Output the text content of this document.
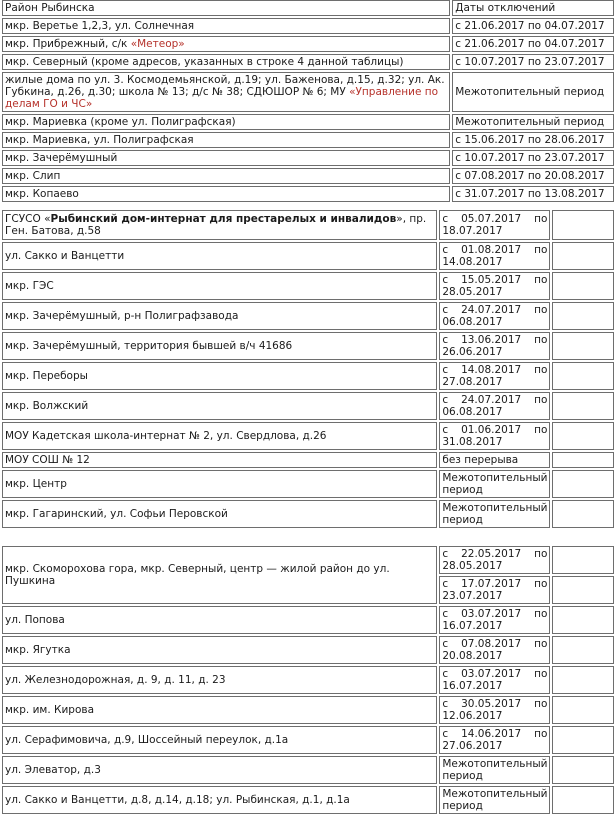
Район Рыбинска	Даты отключений
мкр. Веретье 1,2,3, ул. Солнечная	с 21.06.2017 по 04.07.2017
мкр. Прибрежный, с/к «Метеор»	с 21.06.2017 по 04.07.2017
мкр. Северный (кроме адресов, указанных в строке 4 данной таблицы)	с 10.07.2017 по 23.07.2017
жилые дома по ул. 3. Космодемьянской, д.19; ул. Баженова, д.15, д.32; ул. Ак. Губкина, д.26, д.30; школа № 13; д/с № 38; СДЮШОР № 6; МУ «Управление по делам ГО и ЧС»	Межотопительный период
мкр. Мариевка (кроме ул. Полиграфская)	Межотопительный период
мкр. Мариевка, ул. Полиграфская	с 15.06.2017 по 28.06.2017
мкр. Зачерёмушный	с 10.07.2017 по 23.07.2017
мкр. Слип	с 07.08.2017 по 20.08.2017
мкр. Копаево	с 31.07.2017 по 13.08.2017
ГСУСО «Рыбинский дом-интернат для престарелых и инвалидов», пр. Ген. Батова, д.58	с 05.07.2017 по 18.07.2017	
ул. Сакко и Ванцетти	с 01.08.2017 по 14.08.2017	
мкр. ГЭС	с 15.05.2017 по 28.05.2017	
мкр. Зачерёмушный, р-н Полиграфзавода	с 24.07.2017 по 06.08.2017	
мкр. Зачерёмушный, территория бывшей в/ч 41686	с 13.06.2017 по 26.06.2017	
мкр. Переборы	с 14.08.2017 по 27.08.2017	
мкр. Волжский	с 24.07.2017 по 06.08.2017	
МОУ Кадетская школа-интернат № 2, ул. Свердлова, д.26	с 01.06.2017 по 31.08.2017	
МОУ СОШ № 12	без перерыва	
мкр. Центр	Межотопительный период	
мкр. Гагаринский, ул. Софьи Перовской	Межотопительный период	
мкр. Скоморохова гора, мкр. Северный, центр — жилой район до ул. Пушкина	с 22.05.2017 по 28.05.2017	
	с 17.07.2017 по 23.07.2017	
ул. Попова	с 03.07.2017 по 16.07.2017	
мкр. Ягутка	с 07.08.2017 по 20.08.2017	
ул. Железнодорожная, д. 9, д. 11, д. 23	с 03.07.2017 по 16.07.2017	
мкр. им. Кирова	с 30.05.2017 по 12.06.2017	
ул. Серафимовича, д.9, Шоссейный переулок, д.1а	с 14.06.2017 по 27.06.2017	
ул. Элеватор, д.3	Межотопительный период	
ул. Сакко и Ванцетти, д.8, д.14, д.18; ул. Рыбинская, д.1, д.1а	Межотопительный период	
